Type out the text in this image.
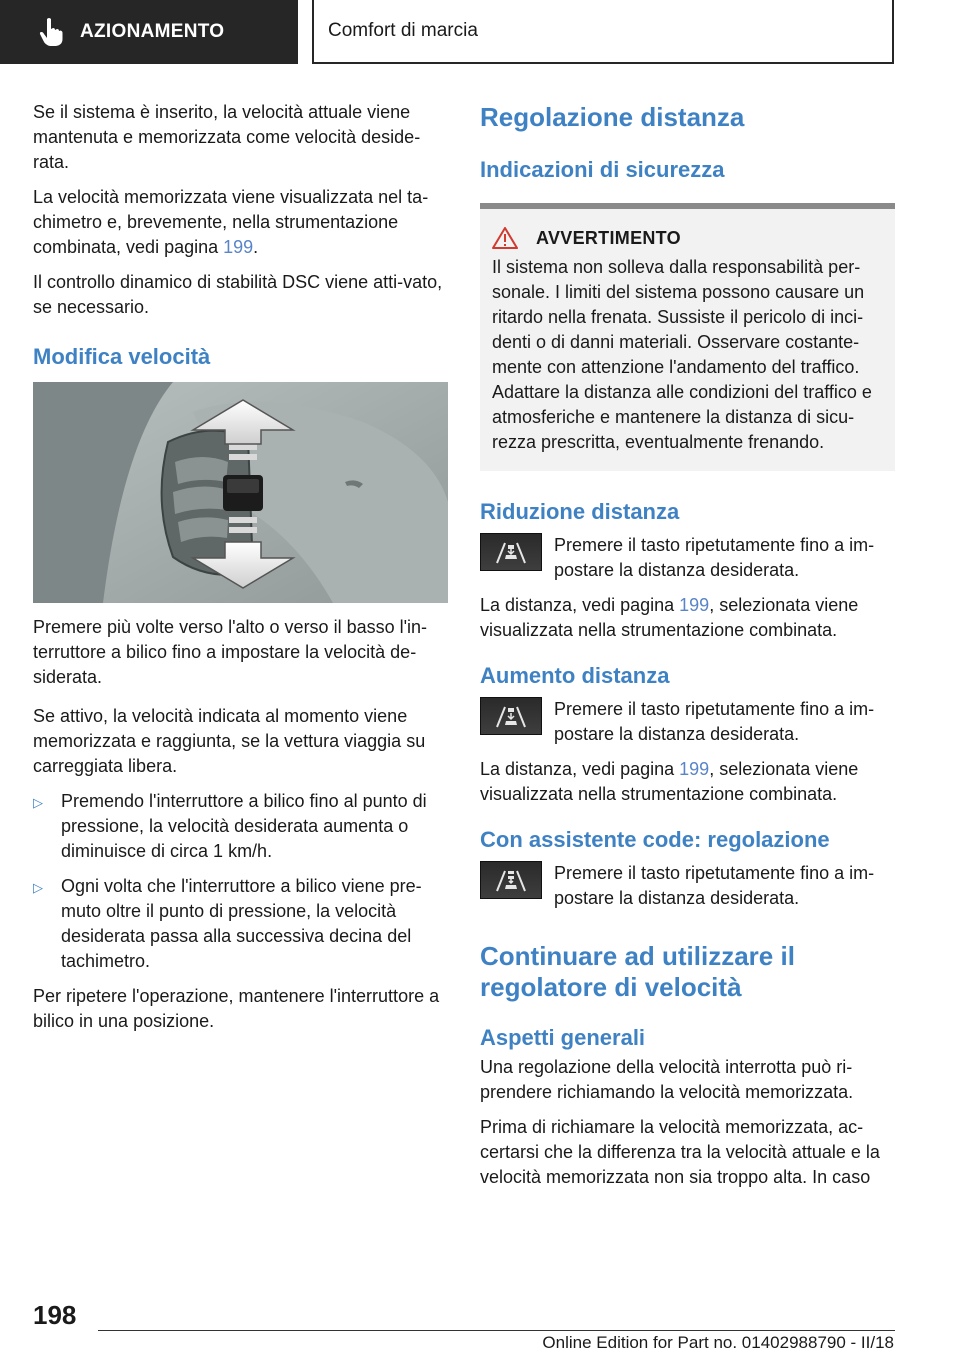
AZIONAMENTO	Comfort di marcia

Se il sistema è inserito, la velocità attuale viene mantenuta e memorizzata come velocità deside-rata.

La velocità memorizzata viene visualizzata nel ta-chimetro e, brevemente, nella strumentazione combinata, vedi pagina 199.

Il controllo dinamico di stabilità DSC viene atti-vato, se necessario.

Modifica velocità

Premere più volte verso l'alto o verso il basso l'in-terruttore a bilico fino a impostare la velocità de-siderata.

Se attivo, la velocità indicata al momento viene memorizzata e raggiunta, se la vettura viaggia su carreggiata libera.

▷	Premendo l'interruttore a bilico fino al punto di pressione, la velocità desiderata aumenta o diminuisce di circa 1 km/h.
▷	Ogni volta che l'interruttore a bilico viene pre-muto oltre il punto di pressione, la velocità desiderata passa alla successiva decina del tachimetro.

Per ripetere l'operazione, mantenere l'interruttore a bilico in una posizione.

Regolazione distanza
Indicazioni di sicurezza
AVVERTIMENTO

Il sistema non solleva dalla responsabilità per-sonale. I limiti del sistema possono causare un ritardo nella frenata. Sussiste il pericolo di inci-denti o di danni materiali. Osservare costante-mente con attenzione l'andamento del traffico. Adattare la distanza alle condizioni del traffico e atmosferiche e mantenere la distanza di sicu-rezza prescritta, eventualmente frenando.

Riduzione distanza

Premere il tasto ripetutamente fino a im-postare la distanza desiderata.

La distanza, vedi pagina 199, selezionata viene visualizzata nella strumentazione combinata.

Aumento distanza

Premere il tasto ripetutamente fino a im-postare la distanza desiderata.

La distanza, vedi pagina 199, selezionata viene visualizzata nella strumentazione combinata.

Con assistente code: regolazione

Premere il tasto ripetutamente fino a im-postare la distanza desiderata.

Continuare ad utilizzare il regolatore di velocità
Aspetti generali

Una regolazione della velocità interrotta può ri-prendere richiamando la velocità memorizzata.

Prima di richiamare la velocità memorizzata, ac-certarsi che la differenza tra la velocità attuale e la velocità memorizzata non sia troppo alta. In caso

198
Online Edition for Part no. 01402988790 - II/18
